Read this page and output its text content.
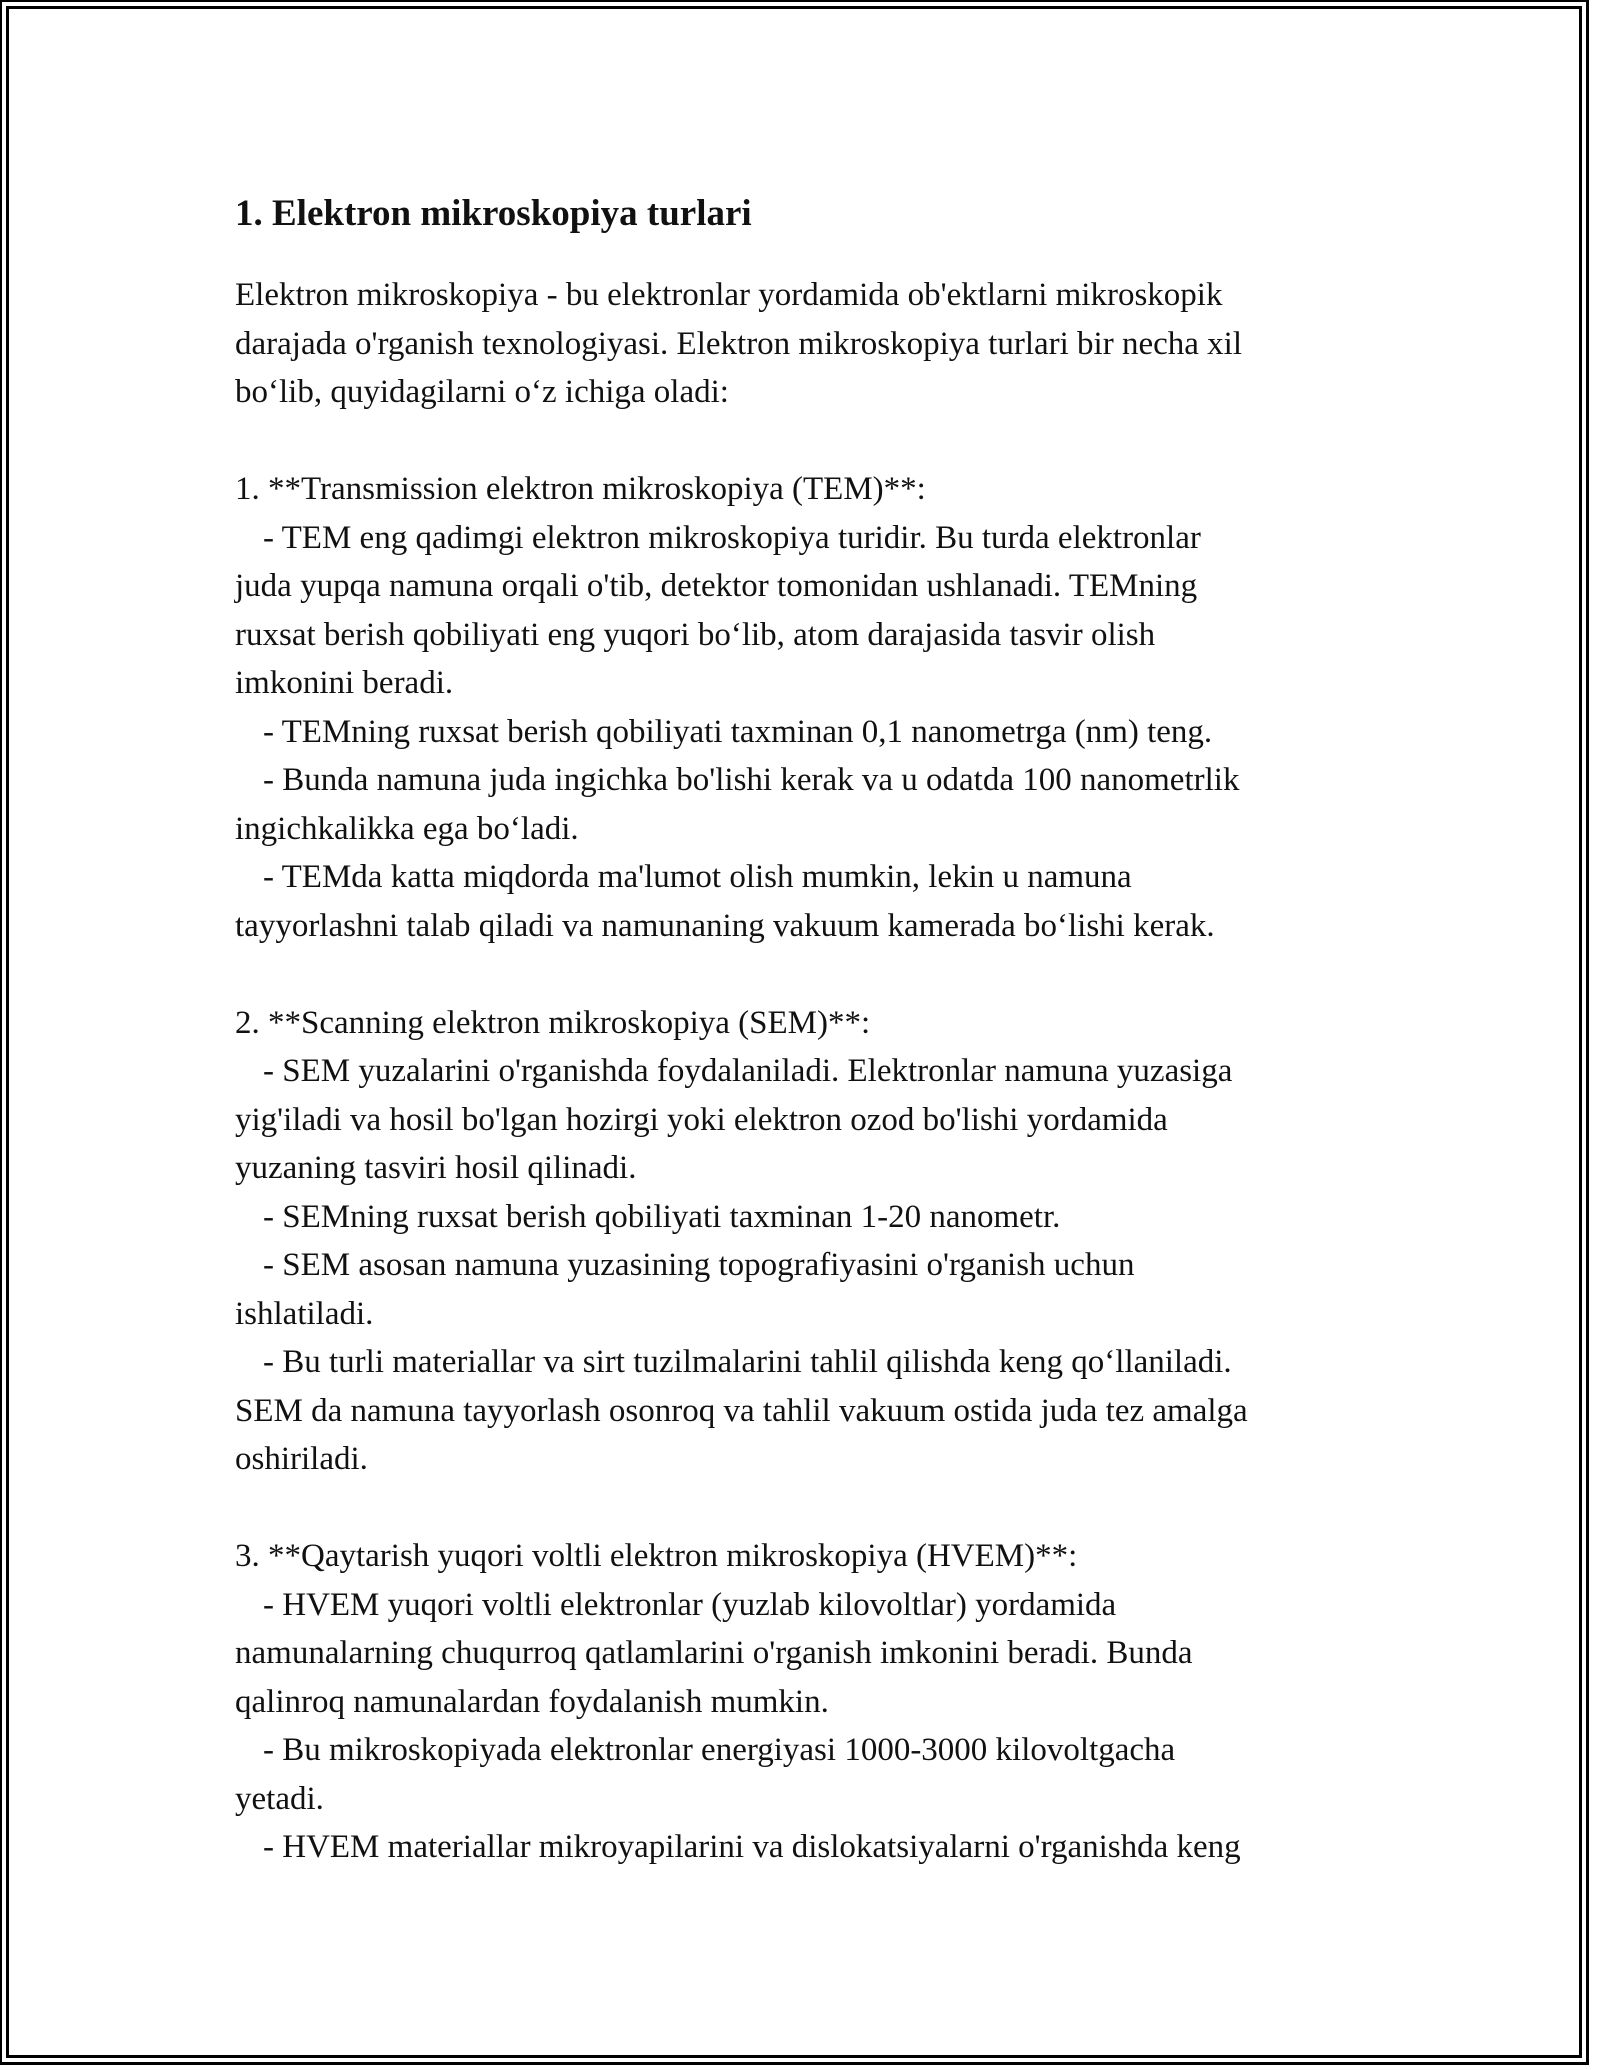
1. Elektron mikroskopiya turlari

Elektron mikroskopiya - bu elektronlar yordamida ob'ektlarni mikroskopik

darajada o'rganish texnologiyasi. Elektron mikroskopiya turlari bir necha xil

bo‘lib, quyidagilarni o‘z ichiga oladi:

1. **Transmission elektron mikroskopiya (TEM)**:

- TEM eng qadimgi elektron mikroskopiya turidir. Bu turda elektronlar

juda yupqa namuna orqali o'tib, detektor tomonidan ushlanadi. TEMning

ruxsat berish qobiliyati eng yuqori bo‘lib, atom darajasida tasvir olish

imkonini beradi.

- TEMning ruxsat berish qobiliyati taxminan 0,1 nanometrga (nm) teng.

- Bunda namuna juda ingichka bo'lishi kerak va u odatda 100 nanometrlik

ingichkalikka ega bo‘ladi.

- TEMda katta miqdorda ma'lumot olish mumkin, lekin u namuna

tayyorlashni talab qiladi va namunaning vakuum kamerada bo‘lishi kerak.

2. **Scanning elektron mikroskopiya (SEM)**:

- SEM yuzalarini o'rganishda foydalaniladi. Elektronlar namuna yuzasiga

yig'iladi va hosil bo'lgan hozirgi yoki elektron ozod bo'lishi yordamida

yuzaning tasviri hosil qilinadi.

- SEMning ruxsat berish qobiliyati taxminan 1-20 nanometr.

- SEM asosan namuna yuzasining topografiyasini o'rganish uchun

ishlatiladi.

- Bu turli materiallar va sirt tuzilmalarini tahlil qilishda keng qo‘llaniladi.

SEM da namuna tayyorlash osonroq va tahlil vakuum ostida juda tez amalga

oshiriladi.

3. **Qaytarish yuqori voltli elektron mikroskopiya (HVEM)**:

- HVEM yuqori voltli elektronlar (yuzlab kilovoltlar) yordamida

namunalarning chuqurroq qatlamlarini o'rganish imkonini beradi. Bunda

qalinroq namunalardan foydalanish mumkin.

- Bu mikroskopiyada elektronlar energiyasi 1000-3000 kilovoltgacha

yetadi.

- HVEM materiallar mikroyapilarini va dislokatsiyalarni o'rganishda keng
